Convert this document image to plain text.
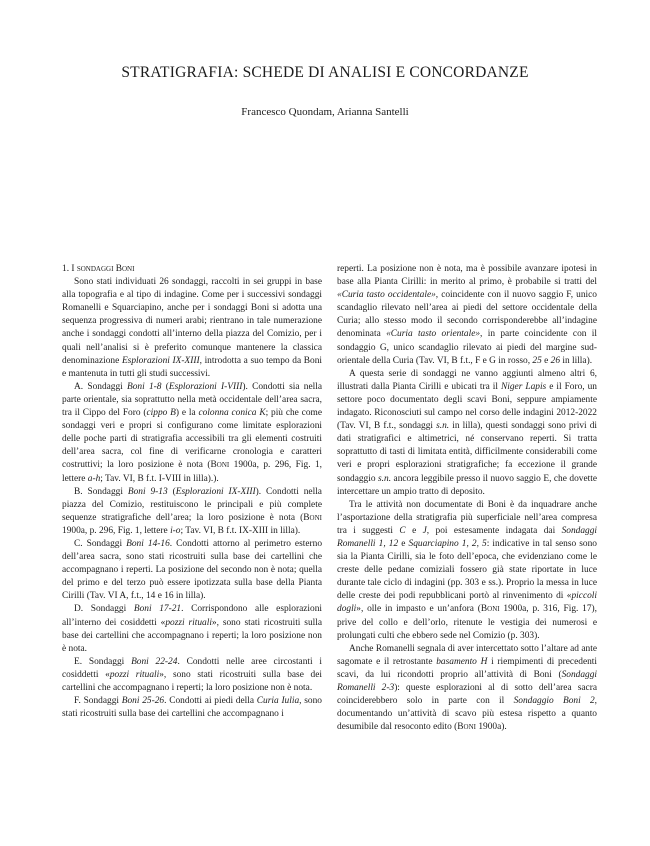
STRATIGRAFIA: SCHEDE DI ANALISI E CONCORDANZE
Francesco Quondam, Arianna Santelli

1. I sondaggi Boni

Sono stati individuati 26 sondaggi, raccolti in sei gruppi in base alla topografia e al tipo di indagine. Come per i successivi sondaggi Romanelli e Squarciapino, anche per i sondaggi Boni si adotta una sequenza progressiva di numeri arabi; rientrano in tale numerazione anche i sondaggi condotti all’interno della piazza del Comizio, per i quali nell’analisi si è preferito comunque mantenere la classica denominazione Esplorazioni IX-XIII, introdotta a suo tempo da Boni e mantenuta in tutti gli studi successivi.

A. Sondaggi Boni 1-8 (Esplorazioni I-VIII). Condotti sia nella parte orientale, sia soprattutto nella metà occidentale dell’area sacra, tra il Cippo del Foro (cippo B) e la colonna conica K; più che come sondaggi veri e propri si configurano come limitate esplorazioni delle poche parti di stratigrafia accessibili tra gli elementi costruiti dell’area sacra, col fine di verificarne cronologia e caratteri costruttivi; la loro posizione è nota (Boni 1900a, p. 296, Fig. 1, lettere a-h; Tav. VI, B f.t. I-VIII in lilla).).

B. Sondaggi Boni 9-13 (Esplorazioni IX-XIII). Condotti nella piazza del Comizio, restituiscono le principali e più complete sequenze stratigrafiche dell’area; la loro posizione è nota (Boni 1900a, p. 296, Fig. 1, lettere i-o; Tav. VI, B f.t. IX-XIII in lilla).

C. Sondaggi Boni 14-16. Condotti attorno al perimetro esterno dell’area sacra, sono stati ricostruiti sulla base dei cartellini che accompagnano i reperti. La posizione del secondo non è nota; quella del primo e del terzo può essere ipotizzata sulla base della Pianta Cirilli (Tav. VI A, f.t., 14 e 16 in lilla).

D. Sondaggi Boni 17-21. Corrispondono alle esplorazioni all’interno dei cosiddetti «pozzi rituali», sono stati ricostruiti sulla base dei cartellini che accompagnano i reperti; la loro posizione non è nota.

E. Sondaggi Boni 22-24. Condotti nelle aree circostanti i cosiddetti «pozzi rituali», sono stati ricostruiti sulla base dei cartellini che accompagnano i reperti; la loro posizione non è nota.

F. Sondaggi Boni 25-26. Condotti ai piedi della Curia Iulia, sono stati ricostruiti sulla base dei cartellini che accompagnano i

reperti. La posizione non è nota, ma è possibile avanzare ipotesi in base alla Pianta Cirilli: in merito al primo, è probabile si tratti del «Curia tasto occidentale», coincidente con il nuovo saggio F, unico scandaglio rilevato nell’area ai piedi del settore occidentale della Curia; allo stesso modo il secondo corrisponderebbe all’indagine denominata «Curia tasto orientale», in parte coincidente con il sondaggio G, unico scandaglio rilevato ai piedi del margine sud-orientale della Curia (Tav. VI, B f.t., F e G in rosso, 25 e 26 in lilla).

A questa serie di sondaggi ne vanno aggiunti almeno altri 6, illustrati dalla Pianta Cirilli e ubicati tra il Niger Lapis e il Foro, un settore poco documentato degli scavi Boni, seppure ampiamente indagato. Riconosciuti sul campo nel corso delle indagini 2012-2022 (Tav. VI, B f.t., sondaggi s.n. in lilla), questi sondaggi sono privi di dati stratigrafici e altimetrici, né conservano reperti. Si tratta soprattutto di tasti di limitata entità, difficilmente considerabili come veri e propri esplorazioni stratigrafiche; fa eccezione il grande sondaggio s.n. ancora leggibile presso il nuovo saggio E, che dovette intercettare un ampio tratto di deposito.

Tra le attività non documentate di Boni è da inquadrare anche l’asportazione della stratigrafia più superficiale nell’area compresa tra i suggesti C e J, poi estesamente indagata dai Sondaggi Romanelli 1, 12 e Squarciapino 1, 2, 5: indicative in tal senso sono sia la Pianta Cirilli, sia le foto dell’epoca, che evidenziano come le creste delle pedane comiziali fossero già state riportate in luce durante tale ciclo di indagini (pp. 303 e ss.). Proprio la messa in luce delle creste dei podi repubblicani portò al rinvenimento di «piccoli dogli», olle in impasto e un’anfora (Boni 1900a, p. 316, Fig. 17), prive del collo e dell’orlo, ritenute le vestigia dei numerosi e prolungati culti che ebbero sede nel Comizio (p. 303).

Anche Romanelli segnala di aver intercettato sotto l’altare ad ante sagomate e il retrostante basamento H i riempimenti di precedenti scavi, da lui ricondotti proprio all’attività di Boni (Sondaggi Romanelli 2-3): queste esplorazioni al di sotto dell’area sacra coinciderebbero solo in parte con il Sondaggio Boni 2, documentando un’attività di scavo più estesa rispetto a quanto desumibile dal resoconto edito (Boni 1900a).
